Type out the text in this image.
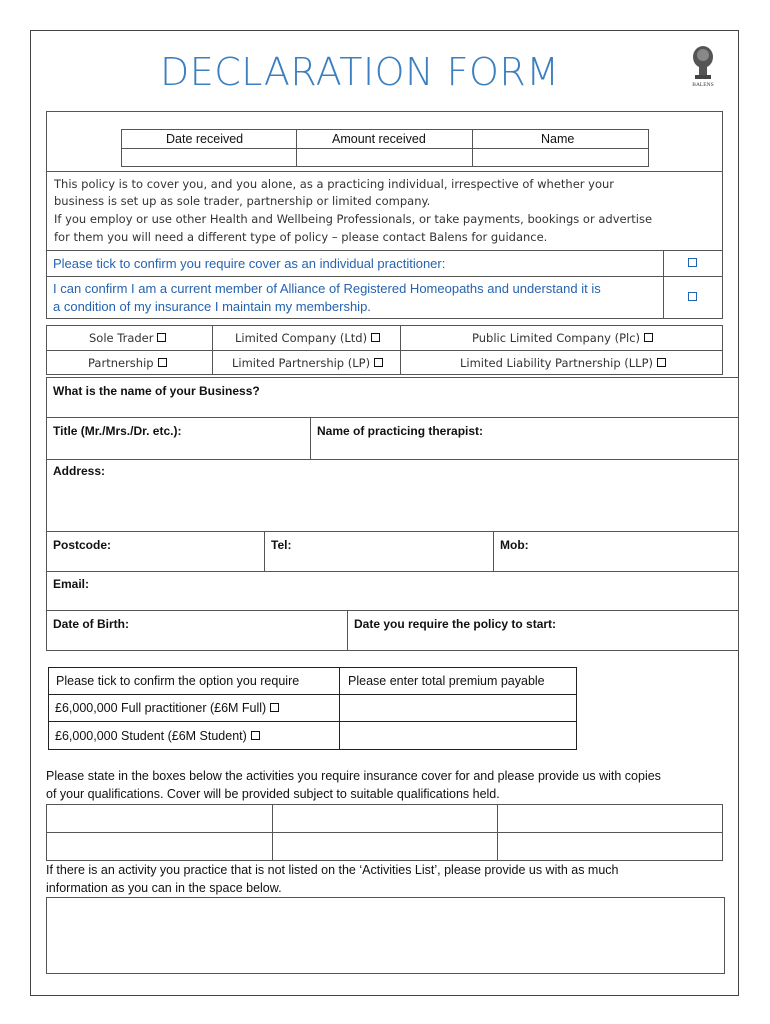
DECLARATION FORM	BALENS
Date received	Amount received	Name
This policy is to cover you, and you alone, as a practicing individual, irrespective of whether your
business is set up as sole trader, partnership or limited company.
If you employ or use other Health and Wellbeing Professionals, or take payments, bookings or advertise
for them you will need a different type of policy – please contact Balens for guidance.
Please tick to confirm you require cover as an individual practitioner:
I can confirm I am a current member of Alliance of Registered Homeopaths and understand it is
a condition of my insurance I maintain my membership.
Sole Trader	Limited Company (Ltd)	Public Limited Company (Plc)
Partnership	Limited Partnership (LP)	Limited Liability Partnership (LLP)
What is the name of your Business?
Title (Mr./Mrs./Dr. etc.):	Name of practicing therapist:
Address:
Postcode:	Tel:	Mob:
Email:
Date of Birth:	Date you require the policy to start:
Please tick to confirm the option you require	Please enter total premium payable
£6,000,000 Full practitioner (£6M Full)
£6,000,000 Student (£6M Student)
Please state in the boxes below the activities you require insurance cover for and please provide us with copies
of your qualifications. Cover will be provided subject to suitable qualifications held.
If there is an activity you practice that is not listed on the ‘Activities List’, please provide us with as much
information as you can in the space below.
